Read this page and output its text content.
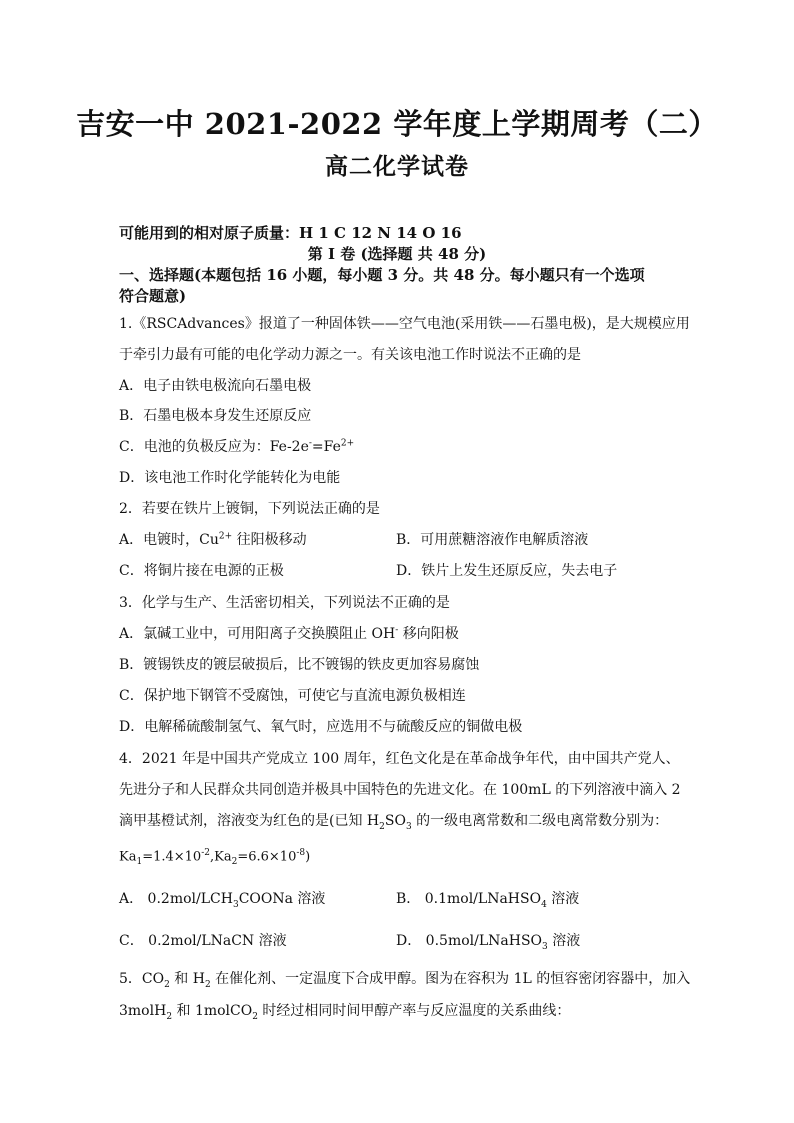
吉安一中 2021-2022 学年度上学期周考（二）
高二化学试卷
可能用到的相对原子质量：H 1 C 12 N 14 O 16
第 I 卷 (选择题 共 48 分)
一、选择题(本题包括 16 小题，每小题 3 分。共 48 分。每小题只有一个选项
符合题意)
1.《RSCAdvances》报道了一种固体铁——空气电池(采用铁——石墨电极)，是大规模应用
于牵引力最有可能的电化学动力源之一。有关该电池工作时说法不正确的是
A．电子由铁电极流向石墨电极
B．石墨电极本身发生还原反应
C．电池的负极反应为：$Fe-2e^-=Fe^{2+}$
D．该电池工作时化学能转化为电能
2．若要在铁片上镀铜，下列说法正确的是
A．电镀时，$Cu^{2+}$ 往阳极移动	B．可用蔗糖溶液作电解质溶液
C．将铜片接在电源的正极	D．铁片上发生还原反应，失去电子
3．化学与生产、生活密切相关，下列说法不正确的是
A．氯碱工业中，可用阳离子交换膜阻止 OH- 移向阳极
B．镀锡铁皮的镀层破损后，比不镀锡的铁皮更加容易腐蚀
C．保护地下钢管不受腐蚀，可使它与直流电源负极相连
D．电解稀硫酸制氢气、氧气时，应选用不与硫酸反应的铜做电极
4．2021 年是中国共产党成立 100 周年，红色文化是在革命战争年代，由中国共产党人、
先进分子和人民群众共同创造并极具中国特色的先进文化。在 100mL 的下列溶液中滴入 2
滴甲基橙试剂，溶液变为红色的是(已知 $H_2SO_3$ 的一级电离常数和二级电离常数分别为：
$Ka_1=1.4\times 10^{-2},Ka_2=6.6\times 10^{-8}$)
A． $0.2mol/LCH_3COONa$ 溶液	B． 0.1mol/LNaHSO$_4$ 溶液
C． 0.2mol/LNaCN 溶液	D． 0.5mol/LNaHSO$_3$ 溶液
5．$CO_2$ 和 $H_2$ 在催化剂、一定温度下合成甲醇。图为在容积为 1L 的恒容密闭容器中，加入
3molH$_2$ 和 1molCO$_2$ 时经过相同时间甲醇产率与反应温度的关系曲线：
